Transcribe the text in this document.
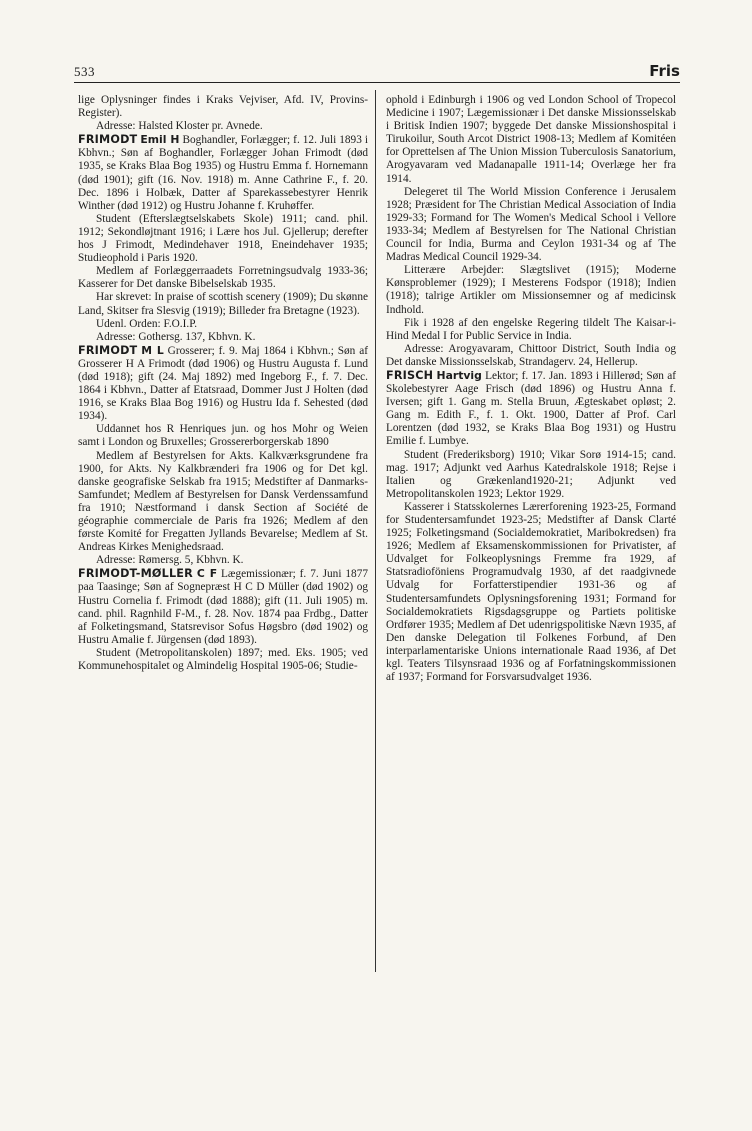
533	Fris

lige Oplysninger findes i Kraks Vejviser, Afd. IV, Provins-Register).

Adresse: Halsted Kloster pr. Avnede.

FRIMODT Emil H Boghandler, Forlægger; f. 12. Juli 1893 i Kbhvn.; Søn af Boghandler, Forlægger Johan Frimodt (død 1935, se Kraks Blaa Bog 1935) og Hustru Emma f. Hornemann (død 1901); gift (16. Nov. 1918) m. Anne Cathrine F., f. 20. Dec. 1896 i Holbæk, Datter af Sparekassebestyrer Henrik Winther (død 1912) og Hustru Johanne f. Kruhøffer.

Student (Efterslægtselskabets Skole) 1911; cand. phil. 1912; Sekondløjtnant 1916; i Lære hos Jul. Gjellerup; derefter hos J Frimodt, Medindehaver 1918, Eneindehaver 1935; Studieophold i Paris 1920.

Medlem af Forlæggerraadets Forretningsudvalg 1933-36; Kasserer for Det danske Bibelselskab 1935.

Har skrevet: In praise of scottish scenery (1909); Du skønne Land, Skitser fra Slesvig (1919); Billeder fra Bretagne (1923).

Udenl. Orden: F.O.I.P.

Adresse: Gothersg. 137, Kbhvn. K.

FRIMODT M L Grosserer; f. 9. Maj 1864 i Kbhvn.; Søn af Grosserer H A Frimodt (død 1906) og Hustru Augusta f. Lund (død 1918); gift (24. Maj 1892) med Ingeborg F., f. 7. Dec. 1864 i Kbhvn., Datter af Etatsraad, Dommer Just J Holten (død 1916, se Kraks Blaa Bog 1916) og Hustru Ida f. Sehested (død 1934).

Uddannet hos R Henriques jun. og hos Mohr og Weien samt i London og Bruxelles; Grossererborgerskab 1890

Medlem af Bestyrelsen for Akts. Kalkværksgrundene fra 1900, for Akts. Ny Kalkbrænderi fra 1906 og for Det kgl. danske geografiske Selskab fra 1915; Medstifter af Danmarks-Samfundet; Medlem af Bestyrelsen for Dansk Verdenssamfund fra 1910; Næstformand i dansk Section af Société de géographie commerciale de Paris fra 1926; Medlem af den første Komité for Fregatten Jyllands Bevarelse; Medlem af St. Andreas Kirkes Menighedsraad.

Adresse: Rømersg. 5, Kbhvn. K.

FRIMODT-MØLLER C F Lægemissionær; f. 7. Juni 1877 paa Taasinge; Søn af Sognepræst H C D Müller (død 1902) og Hustru Cornelia f. Frimodt (død 1888); gift (11. Juli 1905) m. cand. phil. Ragnhild F-M., f. 28. Nov. 1874 paa Frdbg., Datter af Folketingsmand, Statsrevisor Sofus Høgsbro (død 1902) og Hustru Amalie f. Jürgensen (død 1893).

Student (Metropolitanskolen) 1897; med. Eks. 1905; ved Kommunehospitalet og Almindelig Hospital 1905-06; Studie-

ophold i Edinburgh i 1906 og ved London School of Tropecol Medicine i 1907; Lægemissionær i Det danske Missionsselskab i Britisk Indien 1907; byggede Det danske Missionshospital i Tirukoilur, South Arcot District 1908-13; Medlem af Komitéen for Oprettelsen af The Union Mission Tuberculosis Sanatorium, Arogyavaram ved Madanapalle 1911-14; Overlæge her fra 1914.

Delegeret til The World Mission Conference i Jerusalem 1928; Præsident for The Christian Medical Association of India 1929-33; Formand for The Women's Medical School i Vellore 1933-34; Medlem af Bestyrelsen for The National Christian Council for India, Burma and Ceylon 1931-34 og af The Madras Medical Council 1929-34.

Litterære Arbejder: Slægtslivet (1915); Moderne Kønsproblemer (1929); I Mesterens Fodspor (1918); Indien (1918); talrige Artikler om Missionsemner og af medicinsk Indhold.

Fik i 1928 af den engelske Regering tildelt The Kaisar-i-Hind Medal I for Public Service in India.

Adresse: Arogyavaram, Chittoor District, South India og Det danske Missionsselskab, Strandagerv. 24, Hellerup.

FRISCH Hartvig Lektor; f. 17. Jan. 1893 i Hillerød; Søn af Skolebestyrer Aage Frisch (død 1896) og Hustru Anna f. Iversen; gift 1. Gang m. Stella Bruun, Ægteskabet opløst; 2. Gang m. Edith F., f. 1. Okt. 1900, Datter af Prof. Carl Lorentzen (død 1932, se Kraks Blaa Bog 1931) og Hustru Emilie f. Lumbye.

Student (Frederiksborg) 1910; Vikar Sorø 1914-15; cand. mag. 1917; Adjunkt ved Aarhus Katedralskole 1918; Rejse i Italien og Grækenland1920-21; Adjunkt ved Metropolitanskolen 1923; Lektor 1929.

Kasserer i Statsskolernes Lærerforening 1923-25, Formand for Studentersamfundet 1923-25; Medstifter af Dansk Clarté 1925; Folketingsmand (Socialdemokratiet, Maribokredsen) fra 1926; Medlem af Eksamenskommissionen for Privatister, af Udvalget for Folkeoplysnings Fremme fra 1929, af Statsradioföniens Programudvalg 1930, af det raadgivnede Udvalg for Forfatterstipendier 1931-36 og af Studentersamfundets Oplysningsforening 1931; Formand for Socialdemokratiets Rigsdagsgruppe og Partiets politiske Ordfører 1935; Medlem af Det udenrigspolitiske Nævn 1935, af Den danske Delegation til Folkenes Forbund, af Den interparlamentariske Unions internationale Raad 1936, af Det kgl. Teaters Tilsynsraad 1936 og af Forfatningskommissionen af 1937; Formand for Forsvarsudvalget 1936.
